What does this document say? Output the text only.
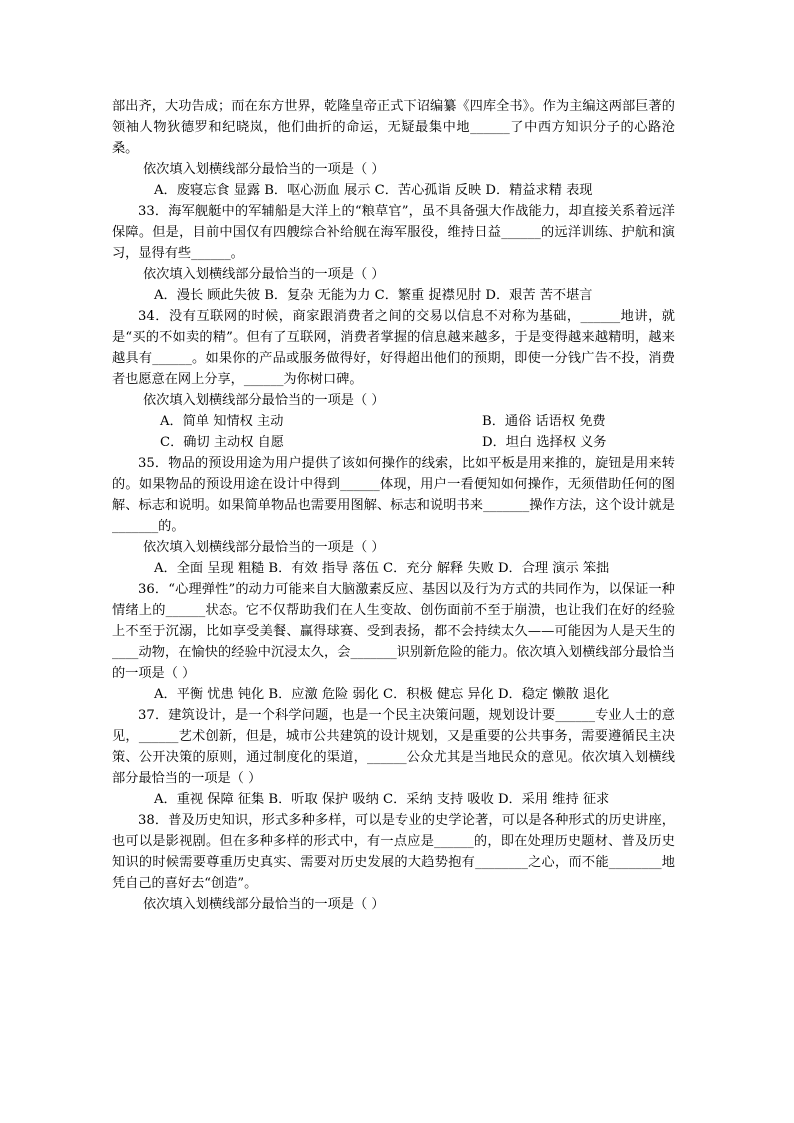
部出齐，大功告成；而在东方世界，乾隆皇帝正式下诏编纂《四库全书》。作为主编这两部巨著的领袖人物狄德罗和纪晓岚，他们曲折的命运，无疑最集中地______了中西方知识分子的心路沧桑。

依次填入划横线部分最恰当的一项是（ ）

A．废寝忘食 显露 B．呕心沥血 展示 C．苦心孤诣 反映 D．精益求精 表现

33．海军舰艇中的军辅船是大洋上的“粮草官”，虽不具备强大作战能力，却直接关系着远洋保障。但是，目前中国仅有四艘综合补给舰在海军服役，维持日益______的远洋训练、护航和演习，显得有些______。

依次填入划横线部分最恰当的一项是（ ）

A．漫长 顾此失彼 B．复杂 无能为力 C．繁重 捉襟见肘 D．艰苦 苦不堪言

34．没有互联网的时候，商家跟消费者之间的交易以信息不对称为基础，______地讲，就是“买的不如卖的精”。但有了互联网，消费者掌握的信息越来越多，于是变得越来越精明，越来越具有______。如果你的产品或服务做得好，好得超出他们的预期，即使一分钱广告不投，消费者也愿意在网上分享，______为你树口碑。

依次填入划横线部分最恰当的一项是（ ）

A．简单 知情权 主动	B．通俗 话语权 免费
C．确切 主动权 自愿	D．坦白 选择权 义务

35．物品的预设用途为用户提供了该如何操作的线索，比如平板是用来推的，旋钮是用来转的。如果物品的预设用途在设计中得到______体现，用户一看便知如何操作，无须借助任何的图解、标志和说明。如果简单物品也需要用图解、标志和说明书来_______操作方法，这个设计就是_______的。

依次填入划横线部分最恰当的一项是（ ）

A．全面 呈现 粗糙 B．有效 指导 落伍 C．充分 解释 失败 D．合理 演示 笨拙

36．“心理弹性”的动力可能来自大脑激素反应、基因以及行为方式的共同作为，以保证一种情绪上的______状态。它不仅帮助我们在人生变故、创伤面前不至于崩溃，也让我们在好的经验上不至于沉溺，比如享受美餐、赢得球赛、受到表扬，都不会持续太久——可能因为人是天生的____动物，在愉快的经验中沉浸太久，会_______识别新危险的能力。依次填入划横线部分最恰当的一项是（ ）

A．平衡 忧患 钝化 B．应激 危险 弱化 C．积极 健忘 异化 D．稳定 懒散 退化

37．建筑设计，是一个科学问题，也是一个民主决策问题，规划设计要______专业人士的意见，______艺术创新，但是，城市公共建筑的设计规划，又是重要的公共事务，需要遵循民主决策、公开决策的原则，通过制度化的渠道，______公众尤其是当地民众的意见。依次填入划横线部分最恰当的一项是（ ）

A．重视 保障 征集 B．听取 保护 吸纳 C．采纳 支持 吸收 D．采用 维持 征求

38．普及历史知识，形式多种多样，可以是专业的史学论著，可以是各种形式的历史讲座，也可以是影视剧。但在多种多样的形式中，有一点应是______的，即在处理历史题材、普及历史知识的时候需要尊重历史真实、需要对历史发展的大趋势抱有________之心，而不能________地凭自己的喜好去“创造”。

依次填入划横线部分最恰当的一项是（ ）
